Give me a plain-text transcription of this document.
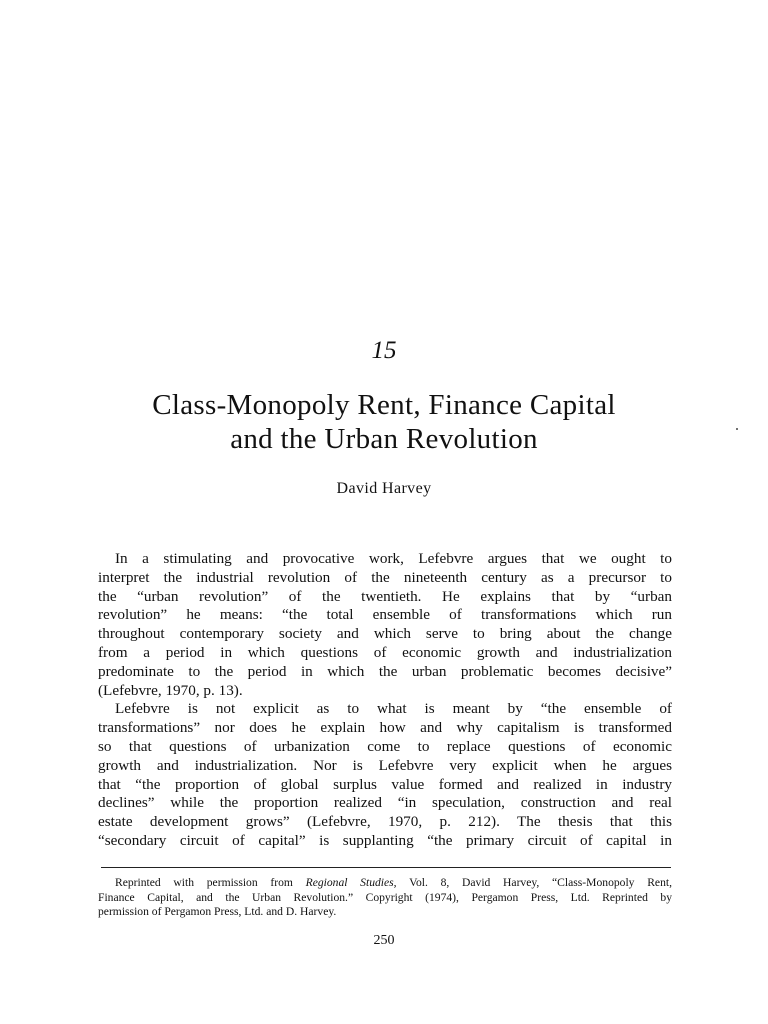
15
Class-Monopoly Rent, Finance Capital
and the Urban Revolution
David Harvey
In a stimulating and provocative work, Lefebvre argues that we ought to
interpret the industrial revolution of the nineteenth century as a precursor to
the “urban revolution” of the twentieth. He explains that by “urban
revolution” he means: “the total ensemble of transformations which run
throughout contemporary society and which serve to bring about the change
from a period in which questions of economic growth and industrialization
predominate to the period in which the urban problematic becomes decisive”
(Lefebvre, 1970, p. 13).
Lefebvre is not explicit as to what is meant by “the ensemble of
transformations” nor does he explain how and why capitalism is transformed
so that questions of urbanization come to replace questions of economic
growth and industrialization. Nor is Lefebvre very explicit when he argues
that “the proportion of global surplus value formed and realized in industry
declines” while the proportion realized “in speculation, construction and real
estate development grows” (Lefebvre, 1970, p. 212). The thesis that this
“secondary circuit of capital” is supplanting “the primary circuit of capital in
Reprinted with permission from Regional Studies, Vol. 8, David Harvey, “Class-Monopoly Rent,
Finance Capital, and the Urban Revolution.” Copyright (1974), Pergamon Press, Ltd. Reprinted by
permission of Pergamon Press, Ltd. and D. Harvey.
250
